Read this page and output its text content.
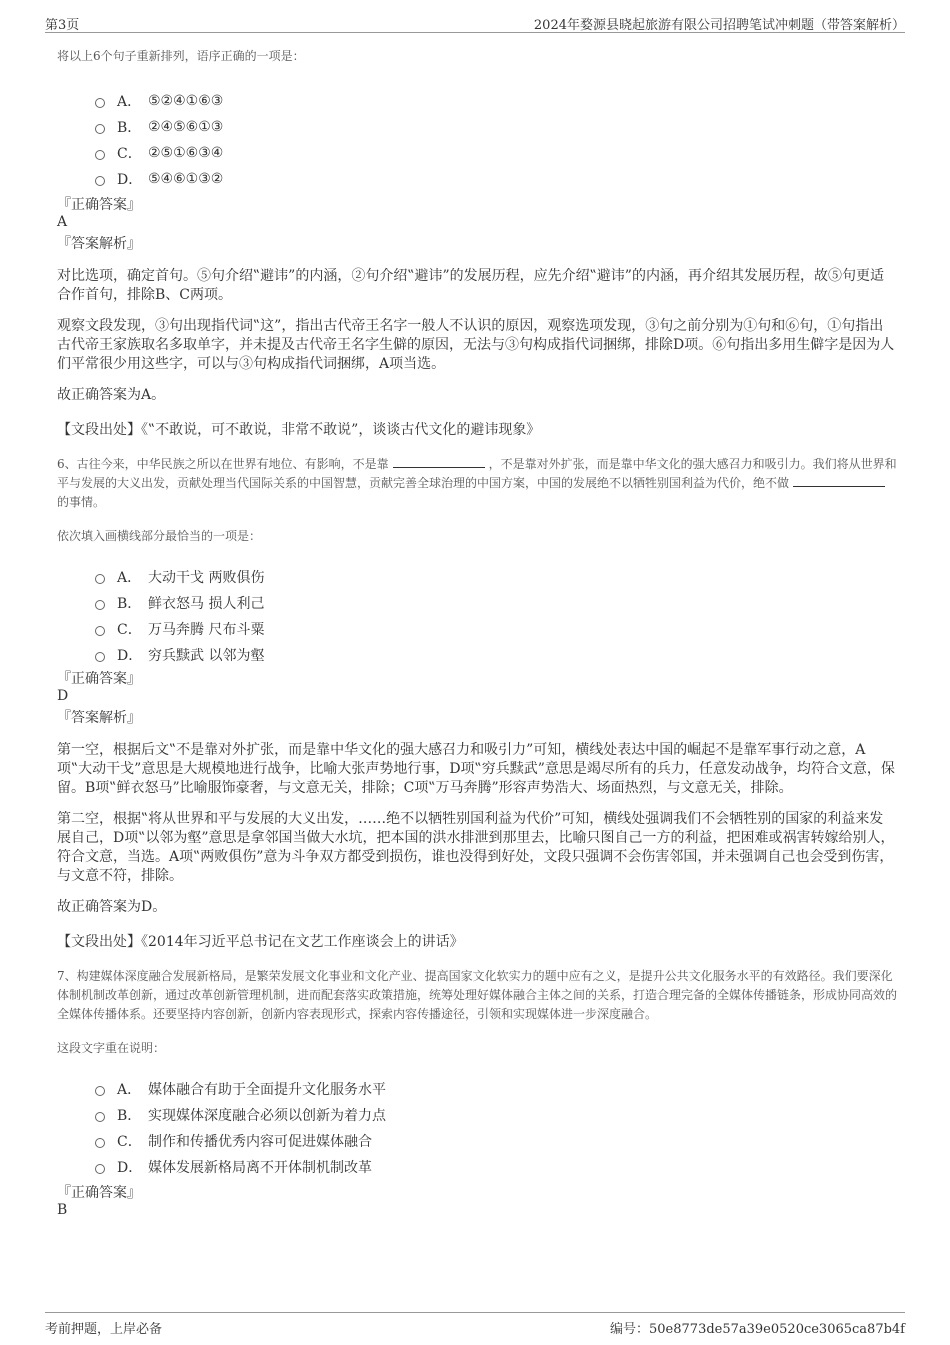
第3页	2024年婺源县晓起旅游有限公司招聘笔试冲刺题（带答案解析）
将以上6个句子重新排列，语序正确的一项是：
A． ⑤②④①⑥③
B． ②④⑤⑥①③
C． ②⑤①⑥③④
D． ⑤④⑥①③②
『正确答案』
A
『答案解析』
对比选项，确定首句。⑤句介绍‟避讳”的内涵，②句介绍‟避讳”的发展历程，应先介绍‟避讳”的内涵，再介绍其发展历程，故⑤句更适合作首句，排除B、C两项。
观察文段发现，③句出现指代词‟这”，指出古代帝王名字一般人不认识的原因，观察选项发现，③句之前分别为①句和⑥句，①句指出古代帝王家族取名多取单字，并未提及古代帝王名字生僻的原因，无法与③句构成指代词捆绑，排除D项。⑥句指出多用生僻字是因为人们平常很少用这些字，可以与③句构成指代词捆绑，A项当选。
故正确答案为A。
【文段出处】《‟不敢说，可不敢说，非常不敢说”，谈谈古代文化的避讳现象》
6、古往今来，中华民族之所以在世界有地位、有影响，不是靠	，不是靠对外扩张，而是靠中华文化的强大感召力和吸引力。我们将从世界和平与发展的大义出发，贡献处理当代国际关系的中国智慧，贡献完善全球治理的中国方案，中国的发展绝不以牺牲别国利益为代价，绝不做的事情。
依次填入画横线部分最恰当的一项是：
A． 大动干戈 两败俱伤
B． 鲜衣怒马 损人利己
C． 万马奔腾 尺布斗粟
D． 穷兵黩武 以邻为壑
『正确答案』
D
『答案解析』
第一空，根据后文‟不是靠对外扩张，而是靠中华文化的强大感召力和吸引力”可知，横线处表达中国的崛起不是靠军事行动之意，A项‟大动干戈”意思是大规模地进行战争，比喻大张声势地行事，D项‟穷兵黩武”意思是竭尽所有的兵力，任意发动战争，均符合文意，保留。B项‟鲜衣怒马”比喻服饰豪奢，与文意无关，排除；C项‟万马奔腾”形容声势浩大、场面热烈，与文意无关，排除。
第二空，根据‟将从世界和平与发展的大义出发，……绝不以牺牲别国利益为代价”可知，横线处强调我们不会牺牲别的国家的利益来发展自己，D项‟以邻为壑”意思是拿邻国当做大水坑，把本国的洪水排泄到那里去，比喻只图自己一方的利益，把困难或祸害转嫁给别人，符合文意，当选。A项‟两败俱伤”意为斗争双方都受到损伤，谁也没得到好处，文段只强调不会伤害邻国，并未强调自己也会受到伤害，与文意不符，排除。
故正确答案为D。
【文段出处】《2014年习近平总书记在文艺工作座谈会上的讲话》
7、构建媒体深度融合发展新格局，是繁荣发展文化事业和文化产业、提高国家文化软实力的题中应有之义，是提升公共文化服务水平的有效路径。我们要深化体制机制改革创新，通过改革创新管理机制，进而配套落实政策措施，统筹处理好媒体融合主体之间的关系，打造合理完备的全媒体传播链条，形成协同高效的全媒体传播体系。还要坚持内容创新，创新内容表现形式，探索内容传播途径，引领和实现媒体进一步深度融合。
这段文字重在说明：
A． 媒体融合有助于全面提升文化服务水平
B． 实现媒体深度融合必须以创新为着力点
C． 制作和传播优秀内容可促进媒体融合
D． 媒体发展新格局离不开体制机制改革
『正确答案』
B
考前押题，上岸必备	编号：50e8773de57a39e0520ce3065ca87b4f
